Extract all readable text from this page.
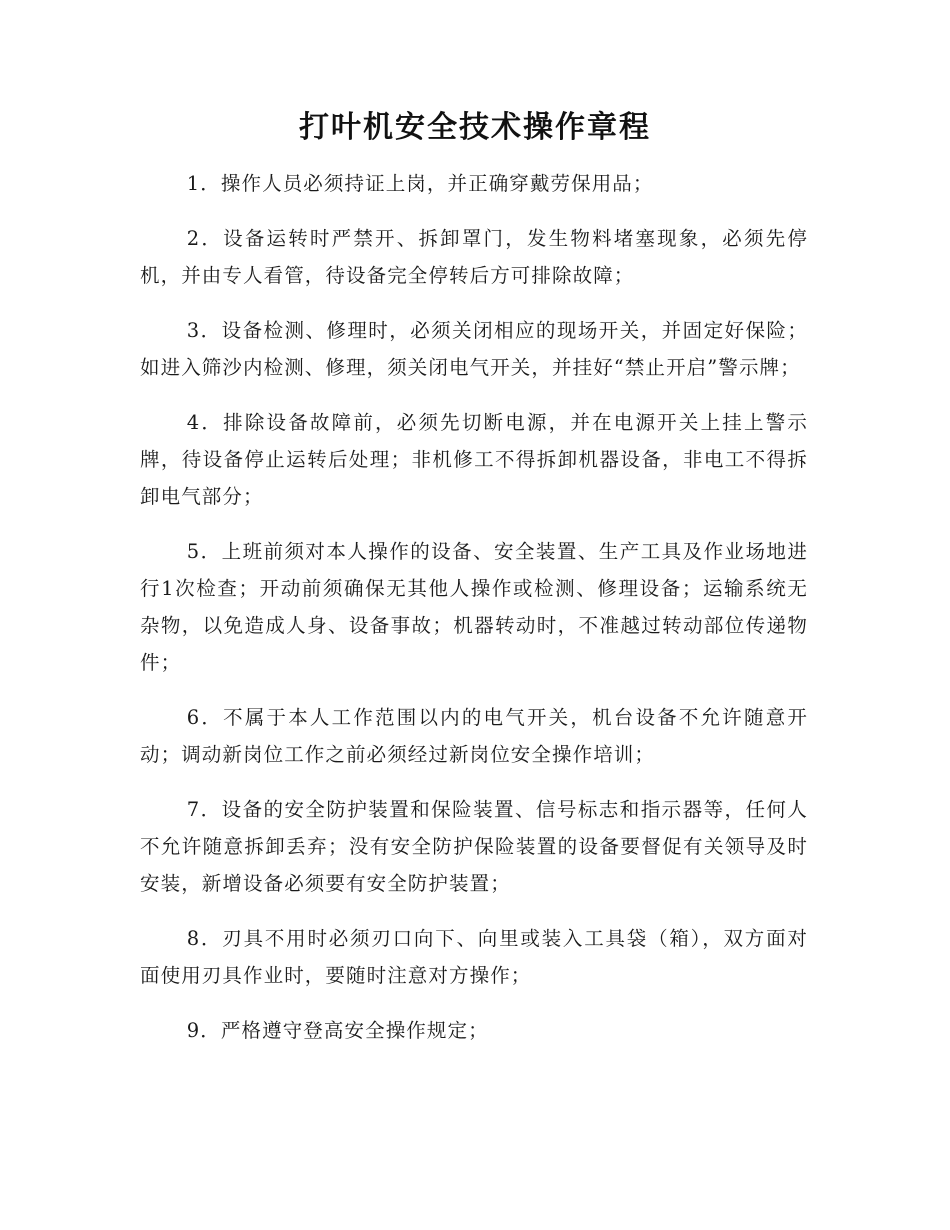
打叶机安全技术操作章程

1．操作人员必须持证上岗，并正确穿戴劳保用品；

2．设备运转时严禁开、拆卸罩门，发生物料堵塞现象，必须先停机，并由专人看管，待设备完全停转后方可排除故障；

3．设备检测、修理时，必须关闭相应的现场开关，并固定好保险；如进入筛沙内检测、修理，须关闭电气开关，并挂好“禁止开启”警示牌；

4．排除设备故障前，必须先切断电源，并在电源开关上挂上警示牌，待设备停止运转后处理；非机修工不得拆卸机器设备，非电工不得拆卸电气部分；

5．上班前须对本人操作的设备、安全装置、生产工具及作业场地进行1次检查；开动前须确保无其他人操作或检测、修理设备；运输系统无杂物，以免造成人身、设备事故；机器转动时，不准越过转动部位传递物件；

6．不属于本人工作范围以内的电气开关，机台设备不允许随意开动；调动新岗位工作之前必须经过新岗位安全操作培训；

7．设备的安全防护装置和保险装置、信号标志和指示器等，任何人不允许随意拆卸丢弃；没有安全防护保险装置的设备要督促有关领导及时安装，新增设备必须要有安全防护装置；

8．刃具不用时必须刃口向下、向里或装入工具袋（箱），双方面对面使用刃具作业时，要随时注意对方操作；

9．严格遵守登高安全操作规定；
